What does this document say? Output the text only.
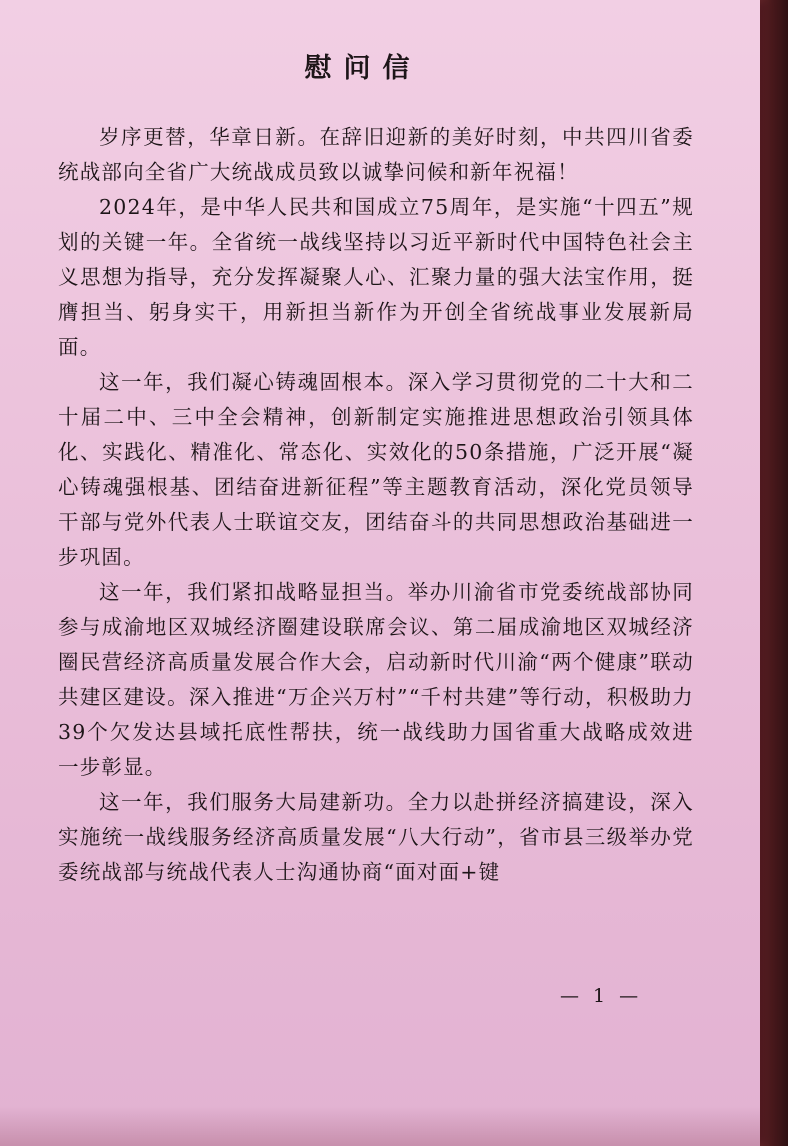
慰问信

岁序更替，华章日新。在辞旧迎新的美好时刻，中共四川省委统战部向全省广大统战成员致以诚挚问候和新年祝福！

2024年，是中华人民共和国成立75周年，是实施“十四五”规划的关键一年。全省统一战线坚持以习近平新时代中国特色社会主义思想为指导，充分发挥凝聚人心、汇聚力量的强大法宝作用，挺膺担当、躬身实干，用新担当新作为开创全省统战事业发展新局面。

这一年，我们凝心铸魂固根本。深入学习贯彻党的二十大和二十届二中、三中全会精神，创新制定实施推进思想政治引领具体化、实践化、精准化、常态化、实效化的50条措施，广泛开展“凝心铸魂强根基、团结奋进新征程”等主题教育活动，深化党员领导干部与党外代表人士联谊交友，团结奋斗的共同思想政治基础进一步巩固。

这一年，我们紧扣战略显担当。举办川渝省市党委统战部协同参与成渝地区双城经济圈建设联席会议、第二届成渝地区双城经济圈民营经济高质量发展合作大会，启动新时代川渝“两个健康”联动共建区建设。深入推进“万企兴万村”“千村共建”等行动，积极助力39个欠发达县域托底性帮扶，统一战线助力国省重大战略成效进一步彰显。

这一年，我们服务大局建新功。全力以赴拼经济搞建设，深入实施统一战线服务经济高质量发展“八大行动”，省市县三级举办党委统战部与统战代表人士沟通协商“面对面+键

— 1 —
